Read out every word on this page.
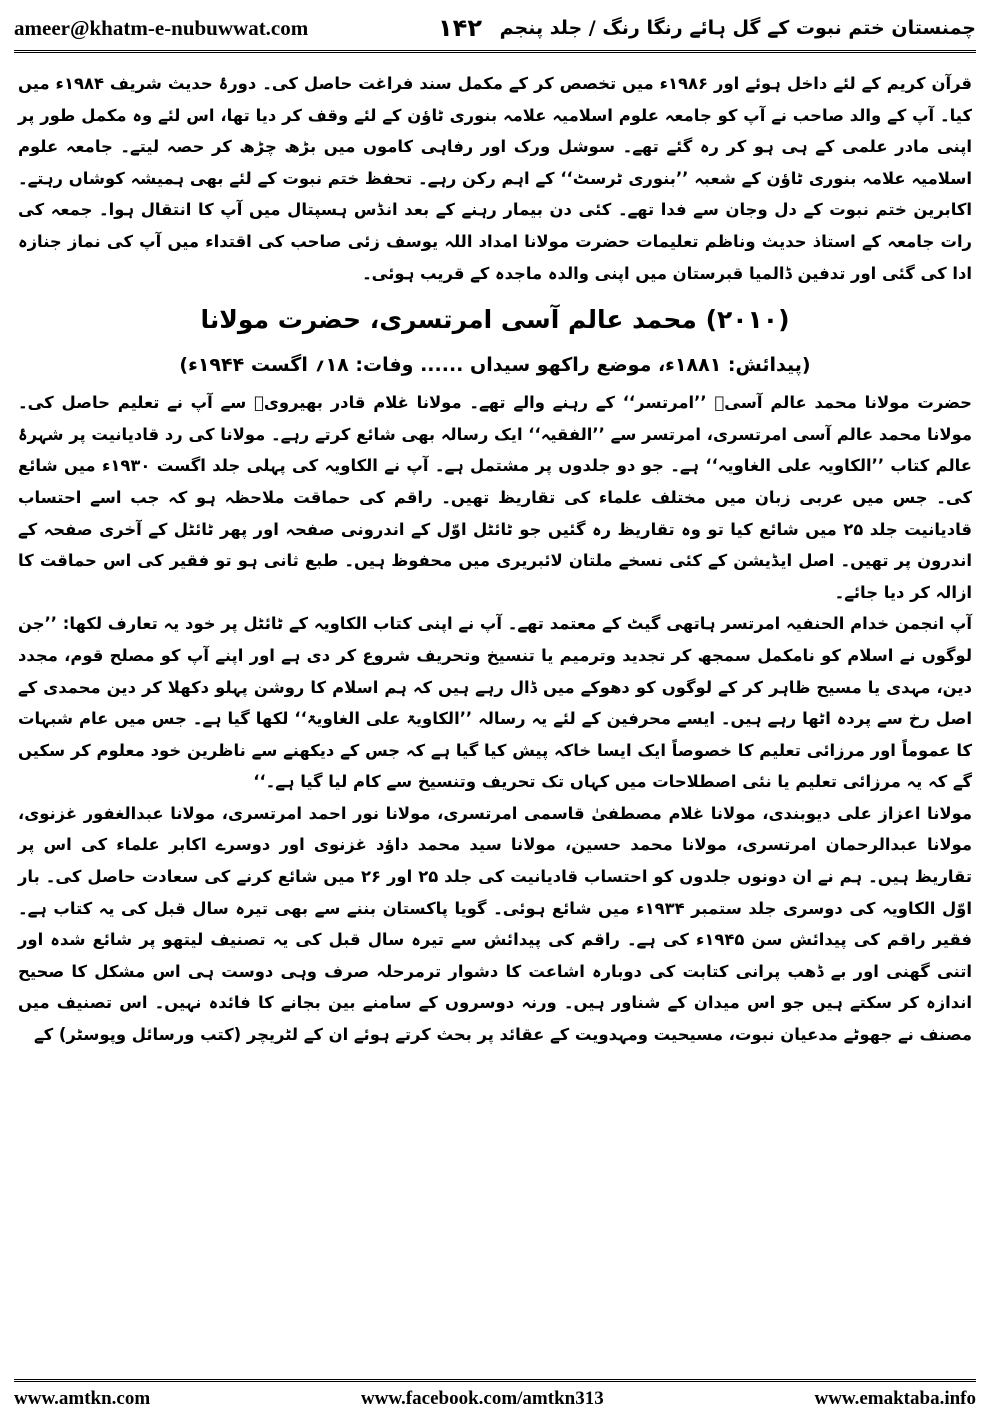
ameer@khatm-e-nubuwwat.com	۱۴۲ چمنستان ختم نبوت کے گل ہائے رنگا رنگ / جلد پنجم

قرآن کریم کے لئے داخل ہوئے اور ۱۹۸۶ء میں تخصص کر کے مکمل سند فراغت حاصل کی۔ دورۂ حدیث شریف ۱۹۸۴ء میں کیا۔ آپ کے والد صاحب نے آپ کو جامعہ علوم اسلامیہ علامہ بنوری ٹاؤن کے لئے وقف کر دیا تھا، اس لئے وہ مکمل طور پر اپنی مادر علمی کے ہی ہو کر رہ گئے تھے۔ سوشل ورک اور رفاہی کاموں میں بڑھ چڑھ کر حصہ لیتے۔ جامعہ علوم اسلامیہ علامہ بنوری ٹاؤن کے شعبہ ’’بنوری ٹرسٹ‘‘ کے اہم رکن رہے۔ تحفظ ختم نبوت کے لئے بھی ہمیشہ کوشاں رہتے۔ اکابرین ختم نبوت کے دل وجان سے فدا تھے۔ کئی دن بیمار رہنے کے بعد انڈس ہسپتال میں آپ کا انتقال ہوا۔ جمعہ کی رات جامعہ کے استاذ حدیث وناظم تعلیمات حضرت مولانا امداد اللہ یوسف زئی صاحب کی اقتداء میں آپ کی نماز جنازہ ادا کی گئی اور تدفین ڈالمیا قبرستان میں اپنی والدہ ماجدہ کے قریب ہوئی۔

(۲۰۱۰) محمد عالم آسی امرتسری، حضرت مولانا
(پیدائش: ۱۸۸۱ء، موضع راکھو سیداں ...... وفات: ۱۸؍ اگست ۱۹۴۴ء)

حضرت مولانا محمد عالم آسیؒ ’’امرتسر‘‘ کے رہنے والے تھے۔ مولانا غلام قادر بھیرویؒ سے آپ نے تعلیم حاصل کی۔ مولانا محمد عالم آسی امرتسری، امرتسر سے ’’الفقیہ‘‘ ایک رسالہ بھی شائع کرتے رہے۔ مولانا کی رد قادیانیت پر شہرۂ عالم کتاب ’’الکاویہ علی الغاویہ‘‘ ہے۔ جو دو جلدوں پر مشتمل ہے۔ آپ نے الکاویہ کی پہلی جلد اگست ۱۹۳۰ء میں شائع کی۔ جس میں عربی زبان میں مختلف علماء کی تقاریظ تھیں۔ راقم کی حماقت ملاحظہ ہو کہ جب اسے احتساب قادیانیت جلد ۲۵ میں شائع کیا تو وہ تقاریظ رہ گئیں جو ٹائٹل اوّل کے اندرونی صفحہ اور پھر ٹائٹل کے آخری صفحہ کے اندرون پر تھیں۔ اصل ایڈیشن کے کئی نسخے ملتان لائبریری میں محفوظ ہیں۔ طبع ثانی ہو تو فقیر کی اس حماقت کا ازالہ کر دیا جائے۔

آپ انجمن خدام الحنفیہ امرتسر ہاتھی گیٹ کے معتمد تھے۔ آپ نے اپنی کتاب الکاویہ کے ٹائٹل پر خود یہ تعارف لکھا: ’’جن لوگوں نے اسلام کو نامکمل سمجھ کر تجدید وترمیم یا تنسیخ وتحریف شروع کر دی ہے اور اپنے آپ کو مصلح قوم، مجدد دین، مہدی یا مسیح ظاہر کر کے لوگوں کو دھوکے میں ڈال رہے ہیں کہ ہم اسلام کا روشن پہلو دکھلا کر دین محمدی کے اصل رخ سے پردہ اٹھا رہے ہیں۔ ایسے محرفین کے لئے یہ رسالہ ’’الکاویۃ علی الغاویۃ‘‘ لکھا گیا ہے۔ جس میں عام شبہات کا عموماً اور مرزائی تعلیم کا خصوصاً ایک ایسا خاکہ پیش کیا گیا ہے کہ جس کے دیکھنے سے ناظرین خود معلوم کر سکیں گے کہ یہ مرزائی تعلیم یا نئی اصطلاحات میں کہاں تک تحریف وتنسیخ سے کام لیا گیا ہے۔‘‘

مولانا اعزاز علی دیوبندی، مولانا غلام مصطفیٰ قاسمی امرتسری، مولانا نور احمد امرتسری، مولانا عبدالغفور غزنوی، مولانا عبدالرحمان امرتسری، مولانا محمد حسین، مولانا سید محمد داؤد غزنوی اور دوسرے اکابر علماء کی اس پر تقاریظ ہیں۔ ہم نے ان دونوں جلدوں کو احتساب قادیانیت کی جلد ۲۵ اور ۲۶ میں شائع کرنے کی سعادت حاصل کی۔ بار اوّل الکاویہ کی دوسری جلد ستمبر ۱۹۳۴ء میں شائع ہوئی۔ گویا پاکستان بننے سے بھی تیرہ سال قبل کی یہ کتاب ہے۔ فقیر راقم کی پیدائش سن ۱۹۴۵ء کی ہے۔ راقم کی پیدائش سے تیرہ سال قبل کی یہ تصنیف لیتھو پر شائع شدہ اور اتنی گھنی اور بے ڈھب پرانی کتابت کی دوبارہ اشاعت کا دشوار ترمرحلہ صرف وہی دوست ہی اس مشکل کا صحیح اندازہ کر سکتے ہیں جو اس میدان کے شناور ہیں۔ ورنہ دوسروں کے سامنے بین بجانے کا فائدہ نہیں۔ اس تصنیف میں مصنف نے جھوٹے مدعیان نبوت، مسیحیت ومہدویت کے عقائد پر بحث کرتے ہوئے ان کے لٹریچر (کتب ورسائل وپوسٹر) کے

www.amtkn.com	www.facebook.com/amtkn313	www.emaktaba.info
